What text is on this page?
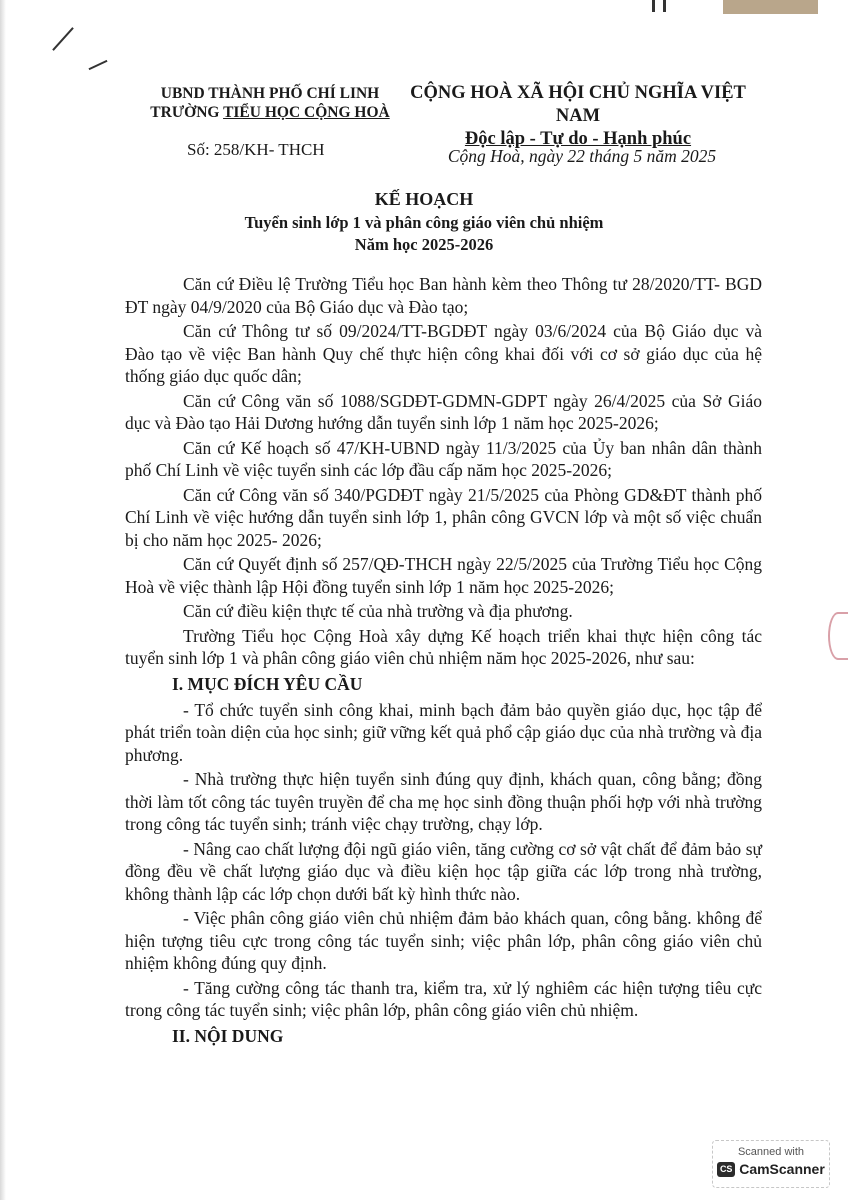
UBND THÀNH PHỐ CHÍ LINH
TRƯỜNG TIỂU HỌC CỘNG HOÀ
CỘNG HOÀ XÃ HỘI CHỦ NGHĨA VIỆT NAM
Độc lập - Tự do - Hạnh phúc
Số: 258/KH- THCH	Cộng Hoà, ngày 22 tháng 5 năm 2025
KẾ HOẠCH
Tuyển sinh lớp 1 và phân công giáo viên chủ nhiệm
Năm học 2025-2026

Căn cứ Điều lệ Trường Tiểu học Ban hành kèm theo Thông tư 28/2020/TT- BGD ĐT ngày 04/9/2020 của Bộ Giáo dục và Đào tạo;

Căn cứ Thông tư số 09/2024/TT-BGDĐT ngày 03/6/2024 của Bộ Giáo dục và Đào tạo về việc Ban hành Quy chế thực hiện công khai đối với cơ sở giáo dục của hệ thống giáo dục quốc dân;

Căn cứ Công văn số 1088/SGDĐT-GDMN-GDPT ngày 26/4/2025 của Sở Giáo dục và Đào tạo Hải Dương hướng dẫn tuyển sinh lớp 1 năm học 2025-2026;

Căn cứ Kế hoạch số 47/KH-UBND ngày 11/3/2025 của Ủy ban nhân dân thành phố Chí Linh về việc tuyển sinh các lớp đầu cấp năm học 2025-2026;

Căn cứ Công văn số 340/PGDĐT ngày 21/5/2025 của Phòng GD&ĐT thành phố Chí Linh về việc hướng dẫn tuyển sinh lớp 1, phân công GVCN lớp và một số việc chuẩn bị cho năm học 2025- 2026;

Căn cứ Quyết định số 257/QĐ-THCH ngày 22/5/2025 của Trường Tiểu học Cộng Hoà về việc thành lập Hội đồng tuyển sinh lớp 1 năm học 2025-2026;

Căn cứ điều kiện thực tế của nhà trường và địa phương.

Trường Tiểu học Cộng Hoà xây dựng Kế hoạch triển khai thực hiện công tác tuyển sinh lớp 1 và phân công giáo viên chủ nhiệm năm học 2025-2026, như sau:

I. MỤC ĐÍCH YÊU CẦU

- Tổ chức tuyển sinh công khai, minh bạch đảm bảo quyền giáo dục, học tập để phát triển toàn diện của học sinh; giữ vững kết quả phổ cập giáo dục của nhà trường và địa phương.

- Nhà trường thực hiện tuyển sinh đúng quy định, khách quan, công bằng; đồng thời làm tốt công tác tuyên truyền để cha mẹ học sinh đồng thuận phối hợp với nhà trường trong công tác tuyển sinh; tránh việc chạy trường, chạy lớp.

- Nâng cao chất lượng đội ngũ giáo viên, tăng cường cơ sở vật chất để đảm bảo sự đồng đều về chất lượng giáo dục và điều kiện học tập giữa các lớp trong nhà trường, không thành lập các lớp chọn dưới bất kỳ hình thức nào.

- Việc phân công giáo viên chủ nhiệm đảm bảo khách quan, công bằng. không để hiện tượng tiêu cực trong công tác tuyển sinh; việc phân lớp, phân công giáo viên chủ nhiệm không đúng quy định.

- Tăng cường công tác thanh tra, kiểm tra, xử lý nghiêm các hiện tượng tiêu cực trong công tác tuyển sinh; việc phân lớp, phân công giáo viên chủ nhiệm.

II. NỘI DUNG
Scanned with
CS CamScanner
